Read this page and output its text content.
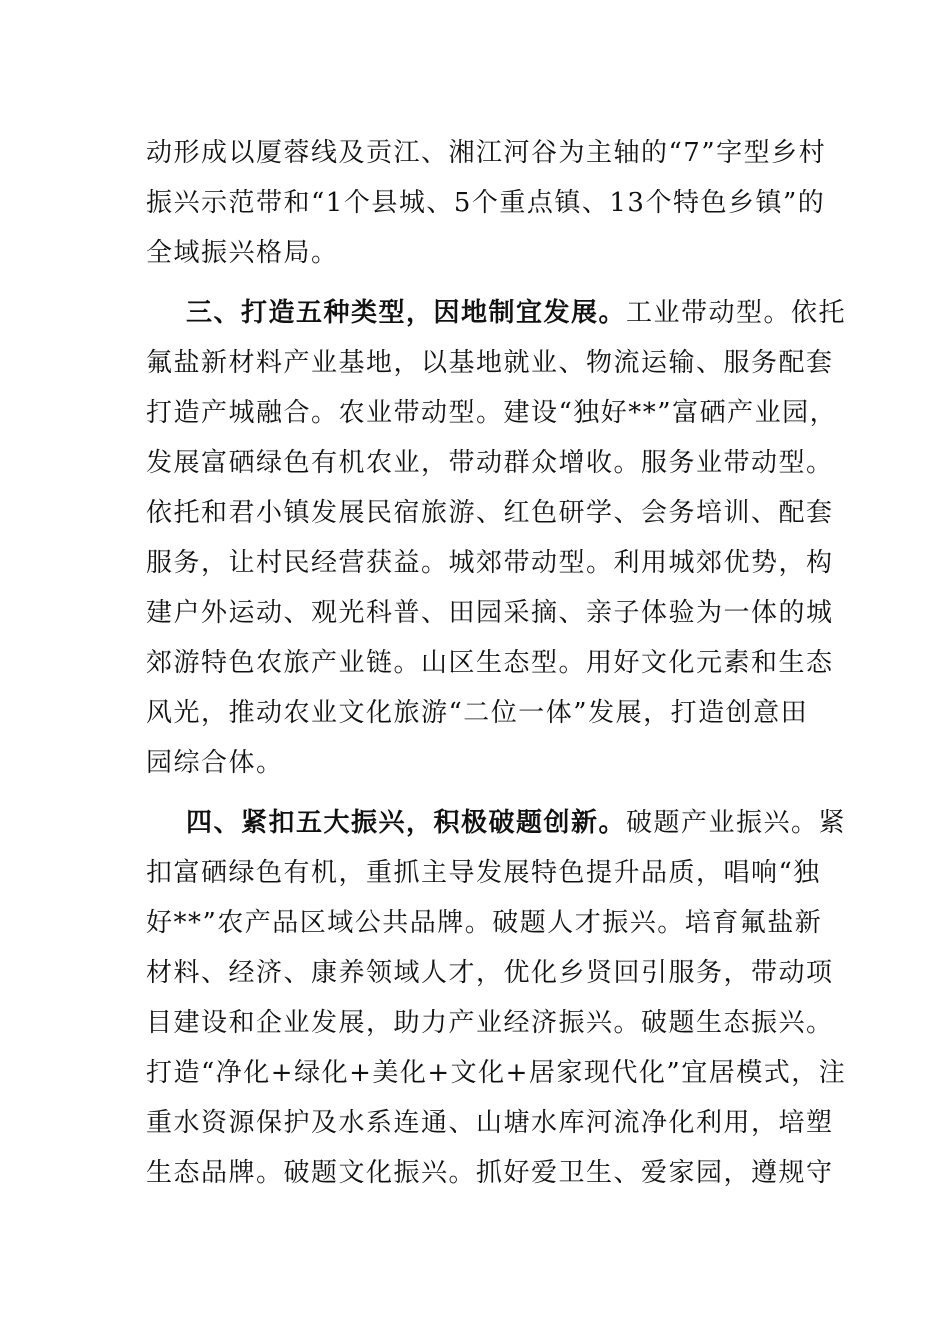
动形成以厦蓉线及贡江、湘江河谷为主轴的“7”字型乡村
振兴示范带和“1个县城、5个重点镇、13个特色乡镇”的
全域振兴格局。
三、打造五种类型，因地制宜发展。工业带动型。依托
氟盐新材料产业基地，以基地就业、物流运输、服务配套
打造产城融合。农业带动型。建设“独好**”富硒产业园，
发展富硒绿色有机农业，带动群众增收。服务业带动型。
依托和君小镇发展民宿旅游、红色研学、会务培训、配套
服务，让村民经营获益。城郊带动型。利用城郊优势，构
建户外运动、观光科普、田园采摘、亲子体验为一体的城
郊游特色农旅产业链。山区生态型。用好文化元素和生态
风光，推动农业文化旅游“二位一体”发展，打造创意田
园综合体。
四、紧扣五大振兴，积极破题创新。破题产业振兴。紧
扣富硒绿色有机，重抓主导发展特色提升品质，唱响“独
好**”农产品区域公共品牌。破题人才振兴。培育氟盐新
材料、经济、康养领域人才，优化乡贤回引服务，带动项
目建设和企业发展，助力产业经济振兴。破题生态振兴。
打造“净化+绿化+美化+文化+居家现代化”宜居模式，注
重水资源保护及水系连通、山塘水库河流净化利用，培塑
生态品牌。破题文化振兴。抓好爱卫生、爱家园，遵规守
